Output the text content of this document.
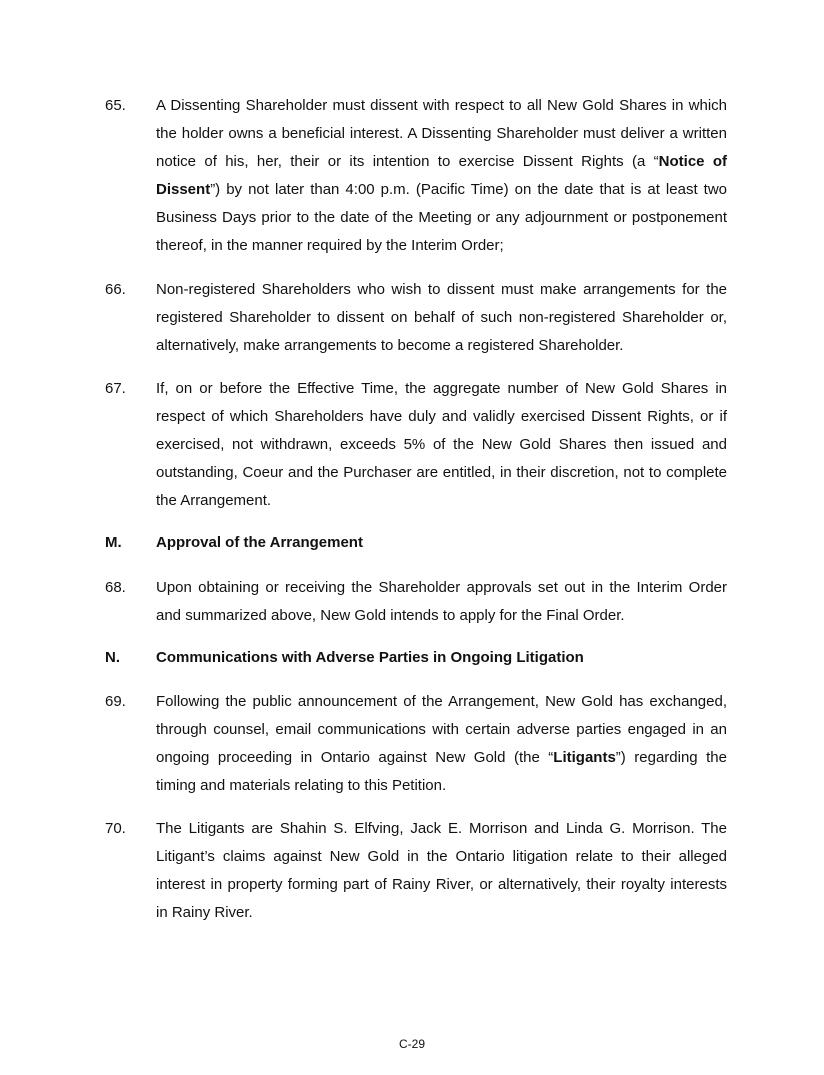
65. A Dissenting Shareholder must dissent with respect to all New Gold Shares in which the holder owns a beneficial interest. A Dissenting Shareholder must deliver a written notice of his, her, their or its intention to exercise Dissent Rights (a “Notice of Dissent”) by not later than 4:00 p.m. (Pacific Time) on the date that is at least two Business Days prior to the date of the Meeting or any adjournment or postponement thereof, in the manner required by the Interim Order;
66. Non-registered Shareholders who wish to dissent must make arrangements for the registered Shareholder to dissent on behalf of such non-registered Shareholder or, alternatively, make arrangements to become a registered Shareholder.
67. If, on or before the Effective Time, the aggregate number of New Gold Shares in respect of which Shareholders have duly and validly exercised Dissent Rights, or if exercised, not withdrawn, exceeds 5% of the New Gold Shares then issued and outstanding, Coeur and the Purchaser are entitled, in their discretion, not to complete the Arrangement.
M. Approval of the Arrangement
68. Upon obtaining or receiving the Shareholder approvals set out in the Interim Order and summarized above, New Gold intends to apply for the Final Order.
N. Communications with Adverse Parties in Ongoing Litigation
69. Following the public announcement of the Arrangement, New Gold has exchanged, through counsel, email communications with certain adverse parties engaged in an ongoing proceeding in Ontario against New Gold (the “Litigants”) regarding the timing and materials relating to this Petition.
70. The Litigants are Shahin S. Elfving, Jack E. Morrison and Linda G. Morrison. The Litigant’s claims against New Gold in the Ontario litigation relate to their alleged interest in property forming part of Rainy River, or alternatively, their royalty interests in Rainy River.
C-29
